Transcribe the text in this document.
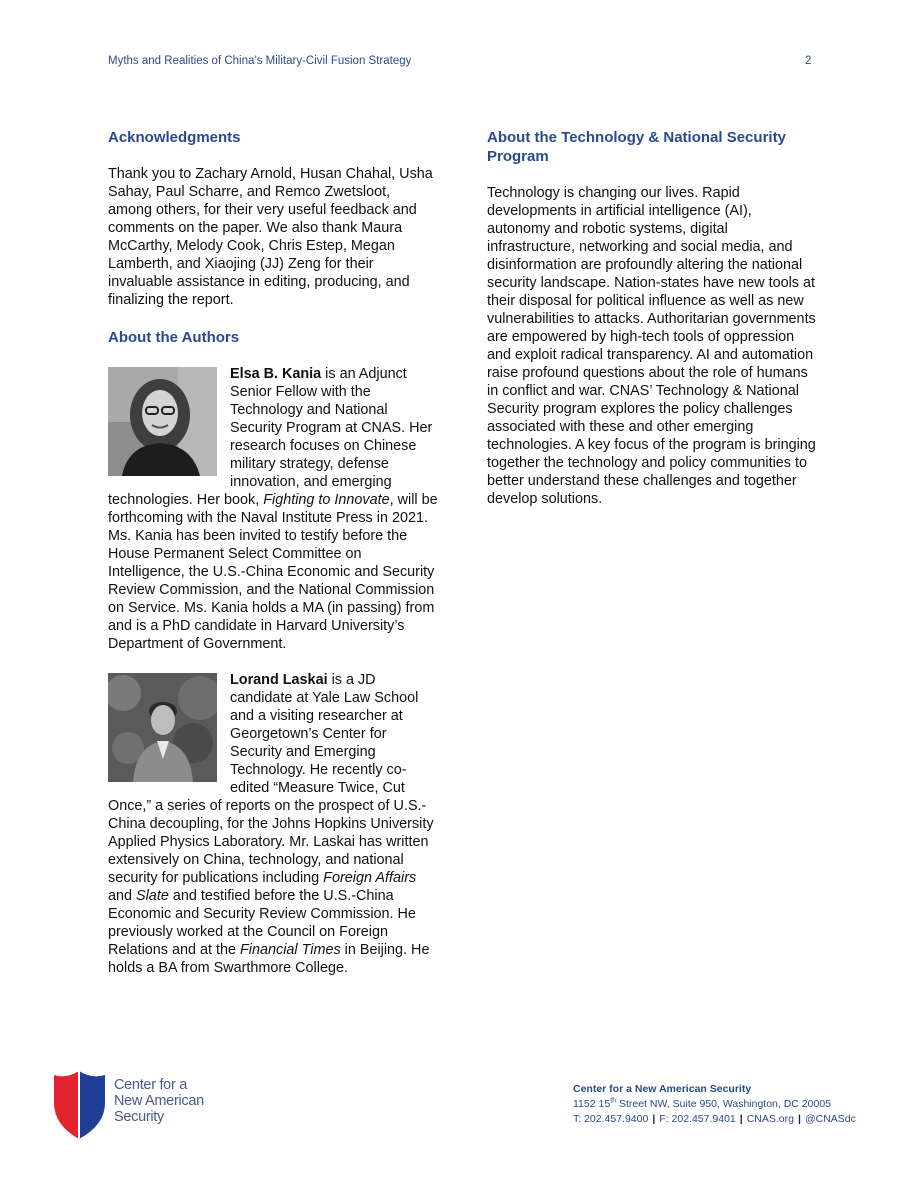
Myths and Realities of China’s Military-Civil Fusion Strategy	2
Acknowledgments

Thank you to Zachary Arnold, Husan Chahal, Usha Sahay, Paul Scharre, and Remco Zwetsloot, among others, for their very useful feedback and comments on the paper. We also thank Maura McCarthy, Melody Cook, Chris Estep, Megan Lamberth, and Xiaojing (JJ) Zeng for their invaluable assistance in editing, producing, and finalizing the report.

About the Authors

Elsa B. Kania is an Adjunct Senior Fellow with the Technology and National Security Program at CNAS. Her research focuses on Chinese military strategy, defense innovation, and emerging technologies. Her book, Fighting to Innovate, will be forthcoming with the Naval Institute Press in 2021. Ms. Kania has been invited to testify before the House Permanent Select Committee on Intelligence, the U.S.-China Economic and Security Review Commission, and the National Commission on Service. Ms. Kania holds a MA (in passing) from and is a PhD candidate in Harvard University’s Department of Government.

Lorand Laskai is a JD candidate at Yale Law School and a visiting researcher at Georgetown’s Center for Security and Emerging Technology. He recently co-edited “Measure Twice, Cut Once,” a series of reports on the prospect of U.S.-China decoupling, for the Johns Hopkins University Applied Physics Laboratory. Mr. Laskai has written extensively on China, technology, and national security for publications including Foreign Affairs and Slate and testified before the U.S.-China Economic and Security Review Commission. He previously worked at the Council on Foreign Relations and at the Financial Times in Beijing. He holds a BA from Swarthmore College.

About the Technology & National Security Program

Technology is changing our lives. Rapid developments in artificial intelligence (AI), autonomy and robotic systems, digital infrastructure, networking and social media, and disinformation are profoundly altering the national security landscape. Nation-states have new tools at their disposal for political influence as well as new vulnerabilities to attacks. Authoritarian governments are empowered by high-tech tools of oppression and exploit radical transparency. AI and automation raise profound questions about the role of humans in conflict and war. CNAS’ Technology & National Security program explores the policy challenges associated with these and other emerging technologies. A key focus of the program is bringing together the technology and policy communities to better understand these challenges and together develop solutions.

Center for a
New American
Security
Center for a New American Security
1152 15th Street NW, Suite 950, Washington, DC 20005
T: 202.457.9400 | F: 202.457.9401 | CNAS.org | @CNASdc
